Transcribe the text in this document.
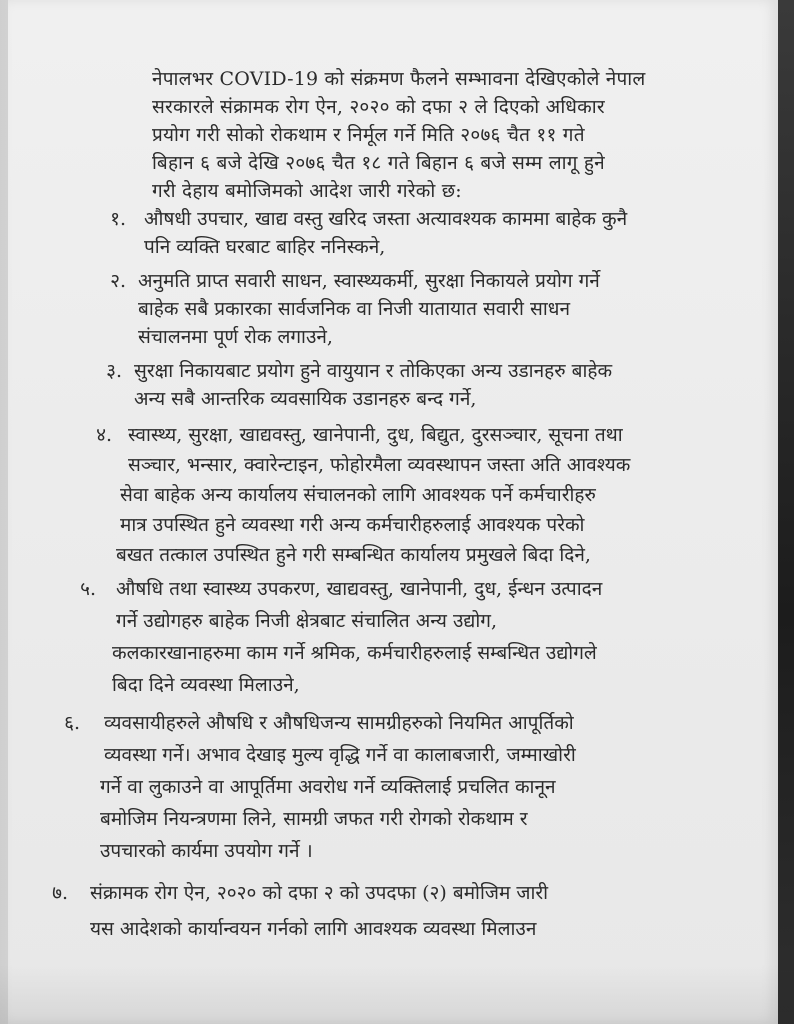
नेपालभर COVID-19 को संक्रमण फैलने सम्भावना देखिएकोले नेपाल
सरकारले संक्रामक रोग ऐन, २०२० को दफा २ ले दिएको अधिकार
प्रयोग गरी सोको रोकथाम र निर्मूल गर्ने मिति २०७६ चैत ११ गते
बिहान ६ बजे देखि २०७६ चैत १८ गते बिहान ६ बजे सम्म लागू हुने
गरी देहाय बमोजिमको आदेश जारी गरेको छ:
१. औषधी उपचार, खाद्य वस्तु खरिद जस्ता अत्यावश्यक काममा बाहेक कुनै
पनि व्यक्ति घरबाट बाहिर ननिस्कने,
२. अनुमति प्राप्त सवारी साधन, स्वास्थ्यकर्मी, सुरक्षा निकायले प्रयोग गर्ने
बाहेक सबै प्रकारका सार्वजनिक वा निजी यातायात सवारी साधन
संचालनमा पूर्ण रोक लगाउने,
३. सुरक्षा निकायबाट प्रयोग हुने वायुयान र तोकिएका अन्य उडानहरु बाहेक
अन्य सबै आन्तरिक व्यवसायिक उडानहरु बन्द गर्ने,
४. स्वास्थ्य, सुरक्षा, खाद्यवस्तु, खानेपानी, दुध, बिद्युत, दुरसञ्चार, सूचना तथा
सञ्चार, भन्सार, क्वारेन्टाइन, फोहोरमैला व्यवस्थापन जस्ता अति आवश्यक
सेवा बाहेक अन्य कार्यालय संचालनको लागि आवश्यक पर्ने कर्मचारीहरु
मात्र उपस्थित हुने व्यवस्था गरी अन्य कर्मचारीहरुलाई आवश्यक परेको
बखत तत्काल उपस्थित हुने गरी सम्बन्धित कार्यालय प्रमुखले बिदा दिने,
५. औषधि तथा स्वास्थ्य उपकरण, खाद्यवस्तु, खानेपानी, दुध, ईन्धन उत्पादन
गर्ने उद्योगहरु बाहेक निजी क्षेत्रबाट संचालित अन्य उद्योग,
कलकारखानाहरुमा काम गर्ने श्रमिक, कर्मचारीहरुलाई सम्बन्धित उद्योगले
बिदा दिने व्यवस्था मिलाउने,
६. व्यवसायीहरुले औषधि र औषधिजन्य सामग्रीहरुको नियमित आपूर्तिको
व्यवस्था गर्ने। अभाव देखाइ मुल्य वृद्धि गर्ने वा कालाबजारी, जम्माखोरी
गर्ने वा लुकाउने वा आपूर्तिमा अवरोध गर्ने व्यक्तिलाई प्रचलित कानून
बमोजिम नियन्त्रणमा लिने, सामग्री जफत गरी रोगको रोकथाम र
उपचारको कार्यमा उपयोग गर्ने ।
७. संक्रामक रोग ऐन, २०२० को दफा २ को उपदफा (२) बमोजिम जारी
यस आदेशको कार्यान्वयन गर्नको लागि आवश्यक व्यवस्था मिलाउन
